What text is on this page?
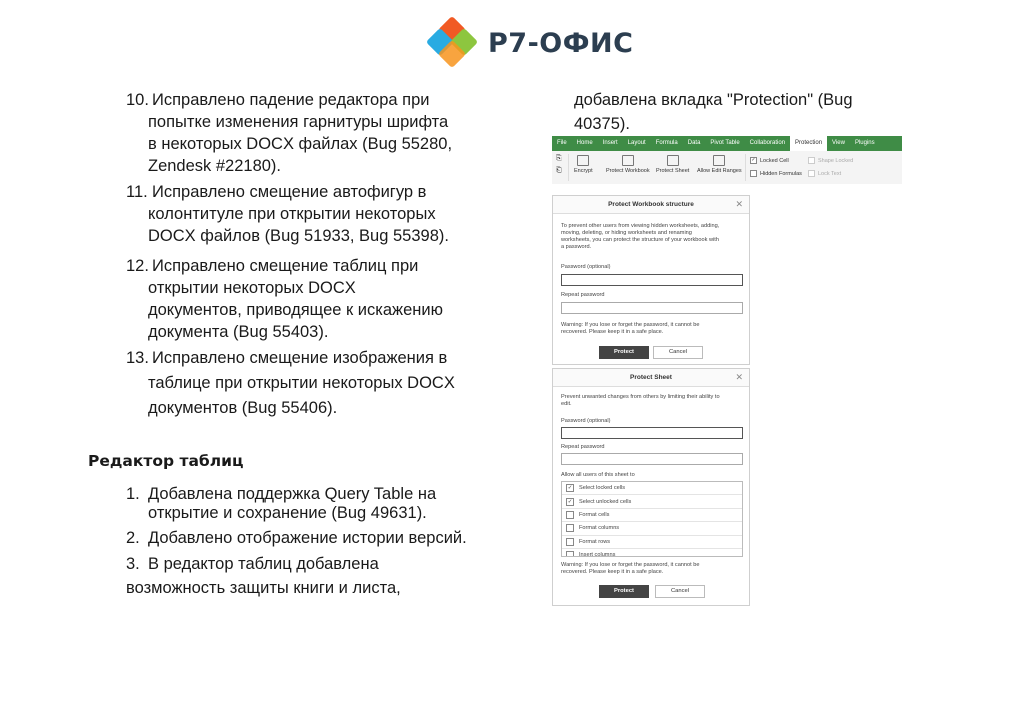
Р7-ОФИС
10. Исправлено падение редактора при
попытке изменения гарнитуры шрифта
в некоторых DOCX файлах (Bug 55280,
Zendesk #22180).
11. Исправлено смещение автофигур в
колонтитуле при открытии некоторых
DOCX файлов (Bug 51933, Bug 55398).
12. Исправлено смещение таблиц при
открытии некоторых DOCX
документов, приводящее к искажению
документа (Bug 55403).
13. Исправлено смещение изображения в
таблице при открытии некоторых DOCX
документов (Bug 55406).
Редактор таблиц
1. Добавлена поддержка Query Table на
открытие и сохранение (Bug 49631).
2. Добавлено отображение истории версий.
3. В редактор таблиц добавлена
возможность защиты книги и листа,
добавлена вкладка "Protection" (Bug
40375).
File	Home	Insert	Layout	Formula	Data	Pivot Table	Collaboration	Protection	View	Plugins
⎘
⎗ Encrypt Protect Workbook Protect Sheet Allow Edit Ranges
✓ Locked Cell
Hidden Formulas
Shape Locked
Lock Text
Protect Workbook structure	✕
To prevent other users from viewing hidden worksheets, adding,
moving, deleting, or hiding worksheets and renaming
worksheets, you can protect the structure of your workbook with
a password.
Password (optional)
Repeat password
Warning: If you lose or forget the password, it cannot be
recovered. Please keep it in a safe place.
Protect	Cancel
Protect Sheet	✕
Prevent unwanted changes from others by limiting their ability to
edit.
Password (optional)
Repeat password
Allow all users of this sheet to
✓	Select locked cells
✓	Select unlocked cells
Format cells
Format columns
Format rows
Insert columns
Warning: If you lose or forget the password, it cannot be
recovered. Please keep it in a safe place.
Protect	Cancel
